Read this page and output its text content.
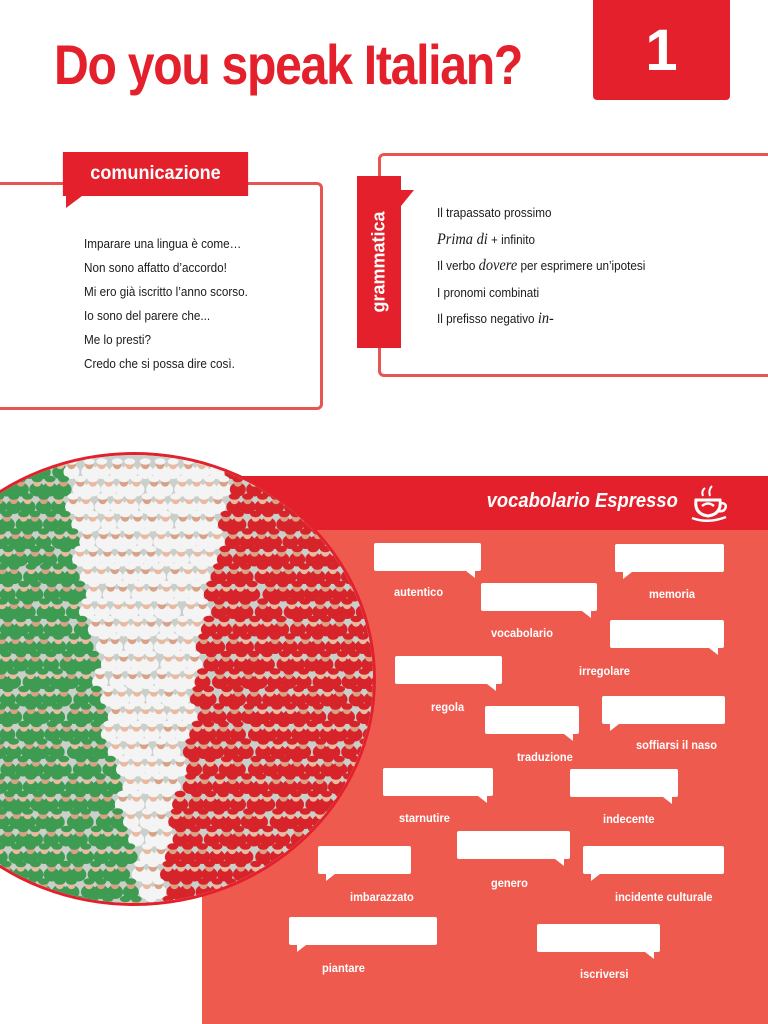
Do you speak Italian? 1
comunicazione
Imparare una lingua è come…
Non sono affatto d’accordo!
Mi ero già iscritto l’anno scorso.
Io sono del parere che...
Me lo presti?
Credo che si possa dire così.
grammatica	Il trapassato prossimo
Prima di + infinito
Il verbo dovere per esprimere un’ipotesi
I pronomi combinati
Il prefisso negativo in-
vocabolario Espresso
autentico	memoria
vocabolario
irregolare
regola
soffiarsi il naso
traduzione
starnutire	indecente
genero
imbarazzato	incidente culturale
piantare	iscriversi
